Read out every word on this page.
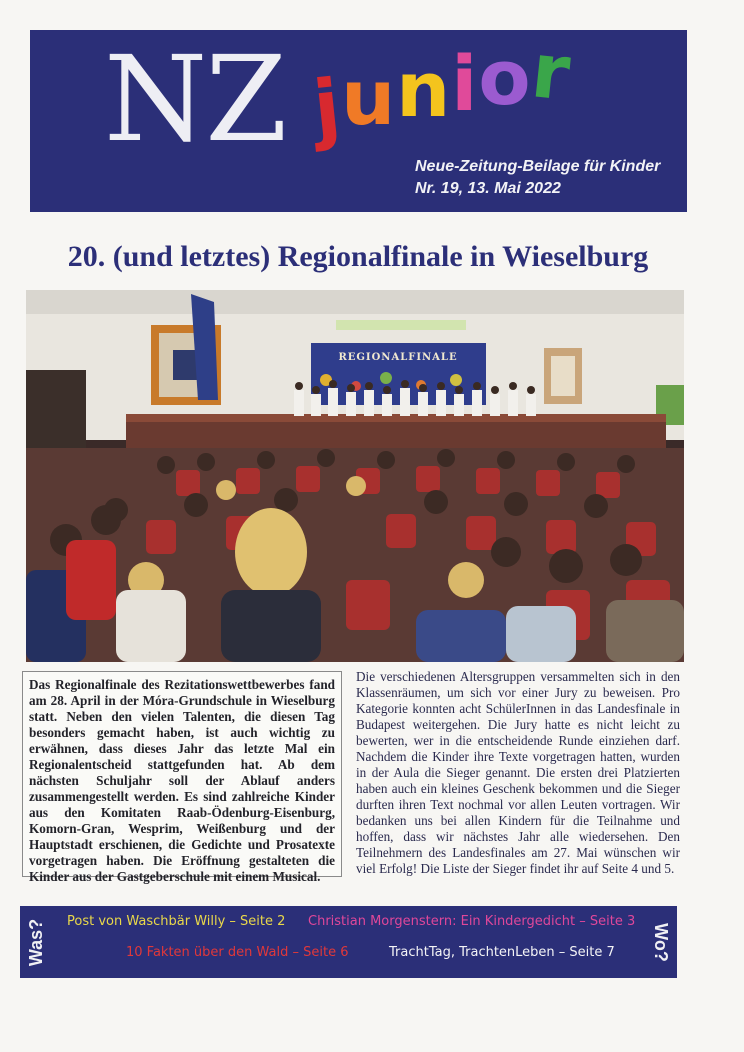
NZ junior
Neue-Zeitung-Beilage für Kinder
Nr. 19, 13. Mai 2022
20. (und letztes) Regionalfinale in Wieselburg
REGIONALFINALE
Das Regionalfinale des Rezitationswettbewerbes fand am 28. April in der Móra-Grundschule in Wieselburg statt. Neben den vielen Talenten, die diesen Tag besonders gemacht haben, ist auch wichtig zu erwähnen, dass dieses Jahr das letzte Mal ein Regionalentscheid stattgefunden hat. Ab dem nächsten Schuljahr soll der Ablauf anders zusammengestellt werden. Es sind zahlreiche Kinder aus den Komitaten Raab-Ödenburg-Eisenburg, Komorn-Gran, Wesprim, Weißenburg und der Hauptstadt erschienen, die Gedichte und Prosatexte vorgetragen haben. Die Eröffnung gestalteten die Kinder aus der Gastgeberschule mit einem Musical.
Die verschiedenen Altersgruppen versammelten sich in den Klassenräumen, um sich vor einer Jury zu beweisen. Pro Kategorie konnten acht SchülerInnen in das Landesfinale in Budapest weitergehen. Die Jury hatte es nicht leicht zu bewerten, wer in die entscheidende Runde einziehen darf. Nachdem die Kinder ihre Texte vorgetragen hatten, wurden in der Aula die Sieger genannt. Die ersten drei Platzierten haben auch ein kleines Geschenk bekommen und die Sieger durften ihren Text nochmal vor allen Leuten vortragen. Wir bedanken uns bei allen Kindern für die Teilnahme und hoffen, dass wir nächstes Jahr alle wiedersehen. Den Teilnehmern des Landesfinales am 27. Mai wünschen wir viel Erfolg! Die Liste der Sieger findet ihr auf Seite 4 und 5.
Was? Post von Waschbär Willy – Seite 2 Christian Morgenstern: Ein Kindergedicht – Seite 3
10 Fakten über den Wald – Seite 6	TrachtTag, TrachtenLeben – Seite 7 Wo?
